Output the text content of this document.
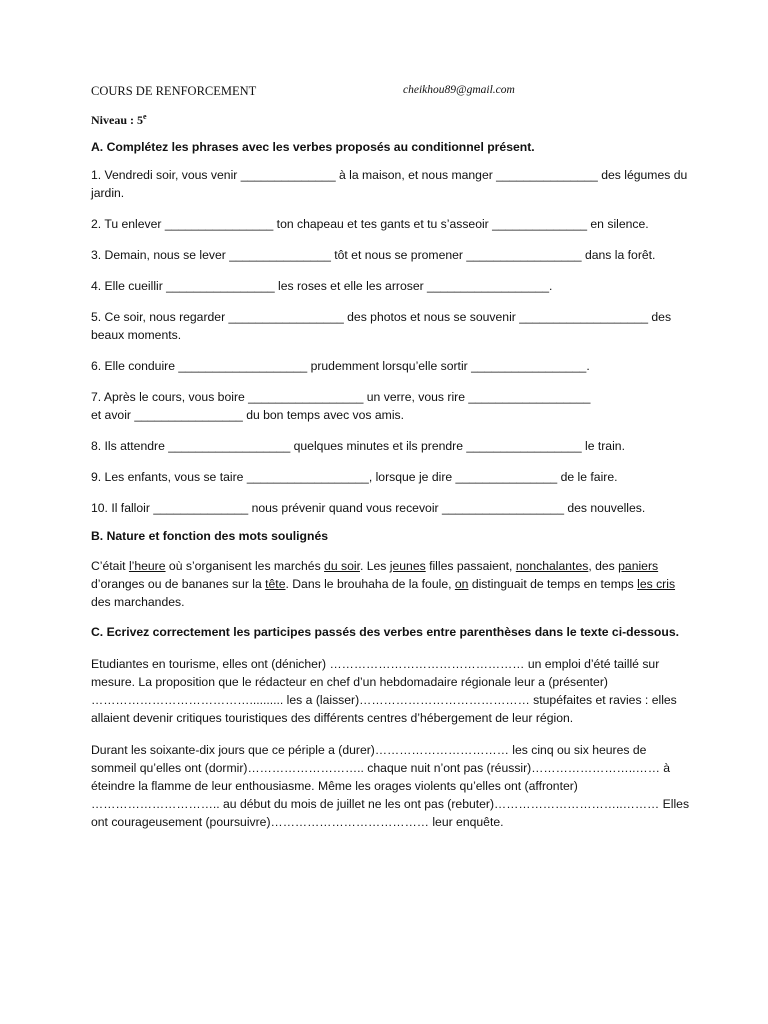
COURS DE RENFORCEMENT	cheikhou89@gmail.com
Niveau : 5e
A. Complétez les phrases avec les verbes proposés au conditionnel présent.

1. Vendredi soir, vous venir ______________ à la maison, et nous manger _______________ des légumes du jardin.

2. Tu enlever ________________ ton chapeau et tes gants et tu s’asseoir ______________ en silence.

3. Demain, nous se lever _______________ tôt et nous se promener _________________ dans la forêt.

4. Elle cueillir ________________ les roses et elle les arroser __________________.

5. Ce soir, nous regarder _________________ des photos et nous se souvenir ___________________ des beaux moments.

6. Elle conduire ___________________ prudemment lorsqu’elle sortir _________________.

7. Après le cours, vous boire _________________ un verre, vous rire __________________

et avoir ________________ du bon temps avec vos amis.

8. Ils attendre __________________ quelques minutes et ils prendre _________________ le train.

9. Les enfants, vous se taire __________________, lorsque je dire _______________ de le faire.

10. Il falloir ______________ nous prévenir quand vous recevoir __________________ des nouvelles.

B. Nature et fonction des mots soulignés

C’était l’heure où s’organisent les marchés du soir. Les jeunes filles passaient, nonchalantes, des paniers d’oranges ou de bananes sur la tête. Dans le brouhaha de la foule, on distinguait de temps en temps les cris des marchandes.

C. Ecrivez correctement les participes passés des verbes entre parenthèses dans le texte ci-dessous.

Etudiantes en tourisme, elles ont (dénicher) ………………………………………… un emploi d’été taillé sur mesure. La proposition que le rédacteur en chef d’un hebdomadaire régionale leur a (présenter) ………………………………….......... les a (laisser)…………………………………… stupéfaites et ravies : elles allaient devenir critiques touristiques des différents centres d’hébergement de leur région.

Durant les soixante-dix jours que ce périple a (durer)…………………………… les cinq ou six heures de sommeil qu’elles ont (dormir)……………………….. chaque nuit n’ont pas (réussir)……………………..…… à éteindre la flamme de leur enthousiasme. Même les orages violents qu’elles ont (affronter) ………………………….. au début du mois de juillet ne les ont pas (rebuter)…………………………..……… Elles ont courageusement (poursuivre)………………………………… leur enquête.
